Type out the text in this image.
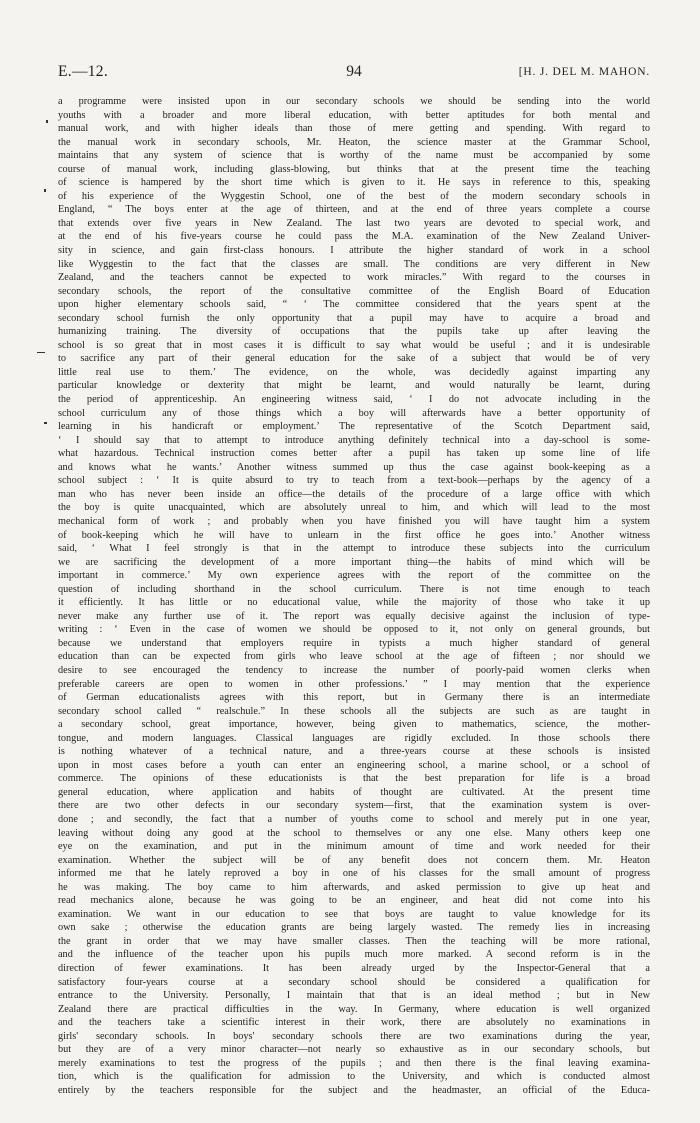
E.—12.	94	[H. J. DEL M. MAHON.
a programme were insisted upon in our secondary schools we should be sending into the world
youths with a broader and more liberal education, with better aptitudes for both mental and
manual work, and with higher ideals than those of mere getting and spending. With regard to
the manual work in secondary schools, Mr. Heaton, the science master at the Grammar School,
maintains that any system of science that is worthy of the name must be accompanied by some
course of manual work, including glass-blowing, but thinks that at the present time the teaching
of science is hampered by the short time which is given to it. He says in reference to this, speaking
of his experience of the Wyggestin School, one of the best of the modern secondary schools in
England, “ The boys enter at the age of thirteen, and at the end of three years complete a course
that extends over five years in New Zealand. The last two years are devoted to special work, and
at the end of his five-years course he could pass the M.A. examination of the New Zealand Univer-
sity in science, and gain first-class honours. I attribute the higher standard of work in a school
like Wyggestin to the fact that the classes are small. The conditions are very different in New
Zealand, and the teachers cannot be expected to work miracles.” With regard to the courses in
secondary schools, the report of the consultative committee of the English Board of Education
upon higher elementary schools said, “ ‘ The committee considered that the years spent at the
secondary school furnish the only opportunity that a pupil may have to acquire a broad and
humanizing training. The diversity of occupations that the pupils take up after leaving the
school is so great that in most cases it is difficult to say what would be useful ; and it is undesirable
to sacrifice any part of their general education for the sake of a subject that would be of very
little real use to them.’ The evidence, on the whole, was decidedly against imparting any
particular knowledge or dexterity that might be learnt, and would naturally be learnt, during
the period of apprenticeship. An engineering witness said, ‘ I do not advocate including in the
school curriculum any of those things which a boy will afterwards have a better opportunity of
learning in his handicraft or employment.’ The representative of the Scotch Department said,
‘ I should say that to attempt to introduce anything definitely technical into a day-school is some-
what hazardous. Technical instruction comes better after a pupil has taken up some line of life
and knows what he wants.’ Another witness summed up thus the case against book-keeping as a
school subject : ‘ It is quite absurd to try to teach from a text-book—perhaps by the agency of a
man who has never been inside an office—the details of the procedure of a large office with which
the boy is quite unacquainted, which are absolutely unreal to him, and which will lead to the most
mechanical form of work ; and probably when you have finished you will have taught him a system
of book-keeping which he will have to unlearn in the first office he goes into.’ Another witness
said, ‘ What I feel strongly is that in the attempt to introduce these subjects into the curriculum
we are sacrificing the development of a more important thing—the habits of mind which will be
important in commerce.’ My own experience agrees with the report of the committee on the
question of including shorthand in the school curriculum. There is not time enough to teach
it efficiently. It has little or no educational value, while the majority of those who take it up
never make any further use of it. The report was equally decisive against the inclusion of type-
writing : ‘ Even in the case of women we should be opposed to it, not only on general grounds, but
because we understand that employers require in typists a much higher standard of general
education than can be expected from girls who leave school at the age of fifteen ; nor should we
desire to see encouraged the tendency to increase the number of poorly-paid women clerks when
preferable careers are open to women in other professions.’ ” I may mention that the experience
of German educationalists agrees with this report, but in Germany there is an intermediate
secondary school called “ realschule.” In these schools all the subjects are such as are taught in
a secondary school, great importance, however, being given to mathematics, science, the mother-
tongue, and modern languages. Classical languages are rigidly excluded. In those schools there
is nothing whatever of a technical nature, and a three-years course at these schools is insisted
upon in most cases before a youth can enter an engineering school, a marine school, or a school of
commerce. The opinions of these educationists is that the best preparation for life is a broad
general education, where application and habits of thought are cultivated. At the present time
there are two other defects in our secondary system—first, that the examination system is over-
done ; and secondly, the fact that a number of youths come to school and merely put in one year,
leaving without doing any good at the school to themselves or any one else. Many others keep one
eye on the examination, and put in the minimum amount of time and work needed for their
examination. Whether the subject will be of any benefit does not concern them. Mr. Heaton
informed me that he lately reproved a boy in one of his classes for the small amount of progress
he was making. The boy came to him afterwards, and asked permission to give up heat and
read mechanics alone, because he was going to be an engineer, and heat did not come into his
examination. We want in our education to see that boys are taught to value knowledge for its
own sake ; otherwise the education grants are being largely wasted. The remedy lies in increasing
the grant in order that we may have smaller classes. Then the teaching will be more rational,
and the influence of the teacher upon his pupils much more marked. A second reform is in the
direction of fewer examinations. It has been already urged by the Inspector-General that a
satisfactory four-years course at a secondary school should be considered a qualification for
entrance to the University. Personally, I maintain that that is an ideal method ; but in New
Zealand there are practical difficulties in the way. In Germany, where education is well organized
and the teachers take a scientific interest in their work, there are absolutely no examinations in
girls' secondary schools. In boys' secondary schools there are two examinations during the year,
but they are of a very minor character—not nearly so exhaustive as in our secondary schools, but
merely examinations to test the progress of the pupils ; and then there is the final leaving examina-
tion, which is the qualification for admission to the University, and which is conducted almost
entirely by the teachers responsible for the subject and the headmaster, an official of the Educa-
